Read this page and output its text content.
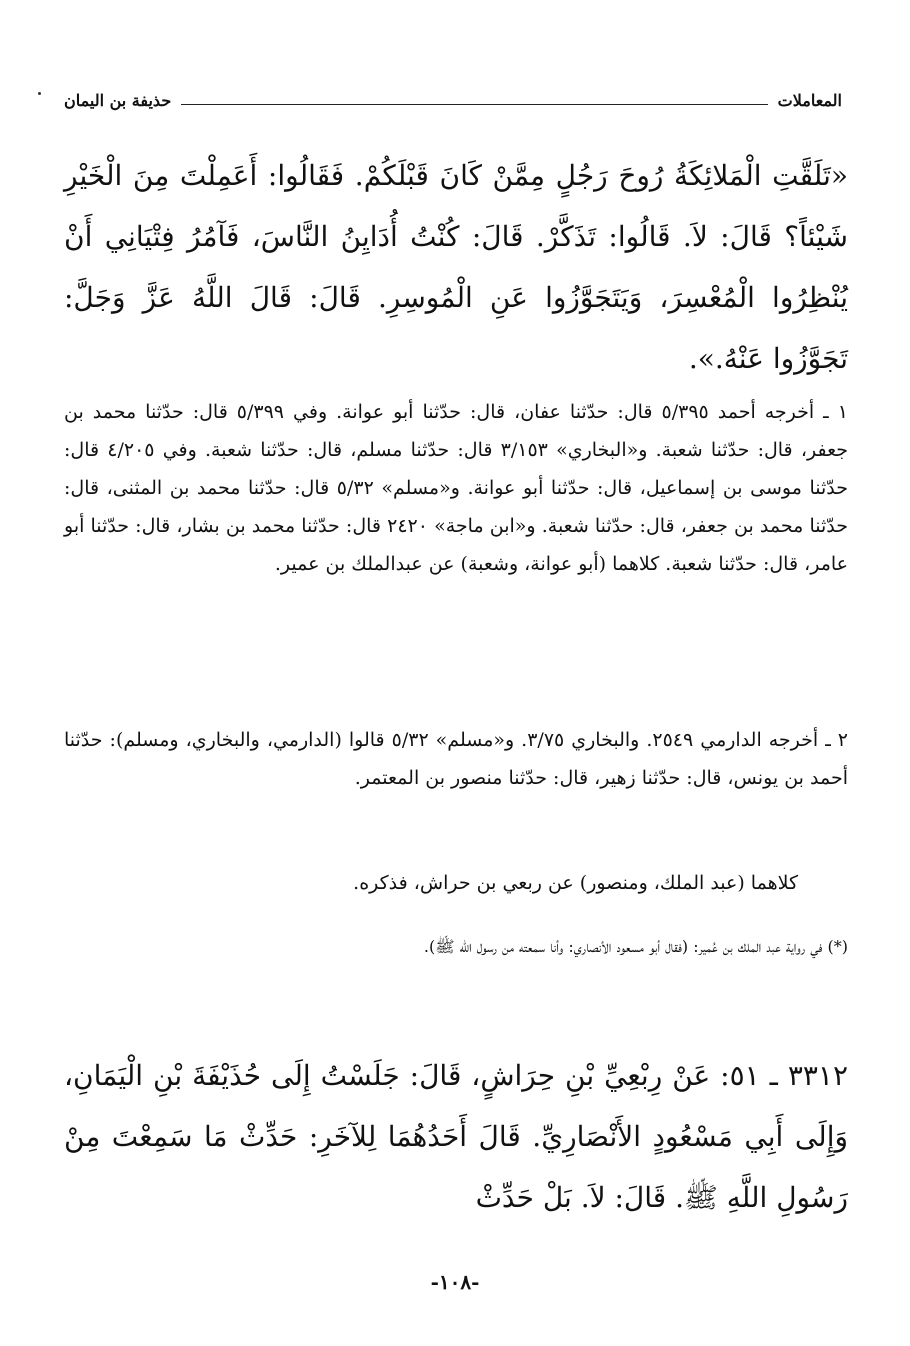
المعاملات
حذيفة بن اليمان
«تَلَقَّتِ الْمَلائِكَةُ رُوحَ رَجُلٍ مِمَّنْ كَانَ قَبْلَكُمْ. فَقَالُوا: أَعَمِلْتَ مِنَ الْخَيْرِ شَيْئاً؟ قَالَ: لاَ. قَالُوا: تَذَكَّرْ. قَالَ: كُنْتُ أُدَايِنُ النَّاسَ، فَآمُرُ فِتْيَانِي أَنْ يُنْظِرُوا الْمُعْسِرَ، وَيَتَجَوَّزُوا عَنِ الْمُوسِرِ. قَالَ: قَالَ اللَّهُ عَزَّ وَجَلَّ: تَجَوَّزُوا عَنْهُ.».
١ ـ أخرجه أحمد ٥/٣٩٥ قال: حدّثنا عفان، قال: حدّثنا أبو عوانة. وفي ٥/٣٩٩ قال: حدّثنا محمد بن جعفر، قال: حدّثنا شعبة. و«البخاري» ٣/١٥٣ قال: حدّثنا مسلم، قال: حدّثنا شعبة. وفي ٤/٢٠٥ قال: حدّثنا موسى بن إسماعيل، قال: حدّثنا أبو عوانة. و«مسلم» ٥/٣٢ قال: حدّثنا محمد بن المثنى، قال: حدّثنا محمد بن جعفر، قال: حدّثنا شعبة. و«ابن ماجة» ٢٤٢٠ قال: حدّثنا محمد بن بشار، قال: حدّثنا أبو عامر، قال: حدّثنا شعبة. كلاهما (أبو عوانة، وشعبة) عن عبدالملك بن عمير.
٢ ـ أخرجه الدارمي ٢٥٤٩. والبخاري ٣/٧٥. و«مسلم» ٥/٣٢ قالوا (الدارمي، والبخاري، ومسلم): حدّثنا أحمد بن يونس، قال: حدّثنا زهير، قال: حدّثنا منصور بن المعتمر.
كلاهما (عبد الملك، ومنصور) عن ربعي بن حراش، فذكره.
(*) في رواية عبد الملك بن عُمير: (فقال أبو مسعود الأنصاري: وأنا سمعته من رسول الله ﷺ).
٣٣١٢ ـ ٥١: عَنْ رِبْعِيِّ بْنِ حِرَاشٍ، قَالَ: جَلَسْتُ إِلَى حُذَيْفَةَ بْنِ الْيَمَانِ، وَإِلَى أَبِي مَسْعُودٍ الأَنْصَارِيِّ. قَالَ أَحَدُهُمَا لِلآخَرِ: حَدِّثْ مَا سَمِعْتَ مِنْ رَسُولِ اللَّهِ ﷺ. قَالَ: لاَ. بَلْ حَدِّثْ
-١٠٨-
